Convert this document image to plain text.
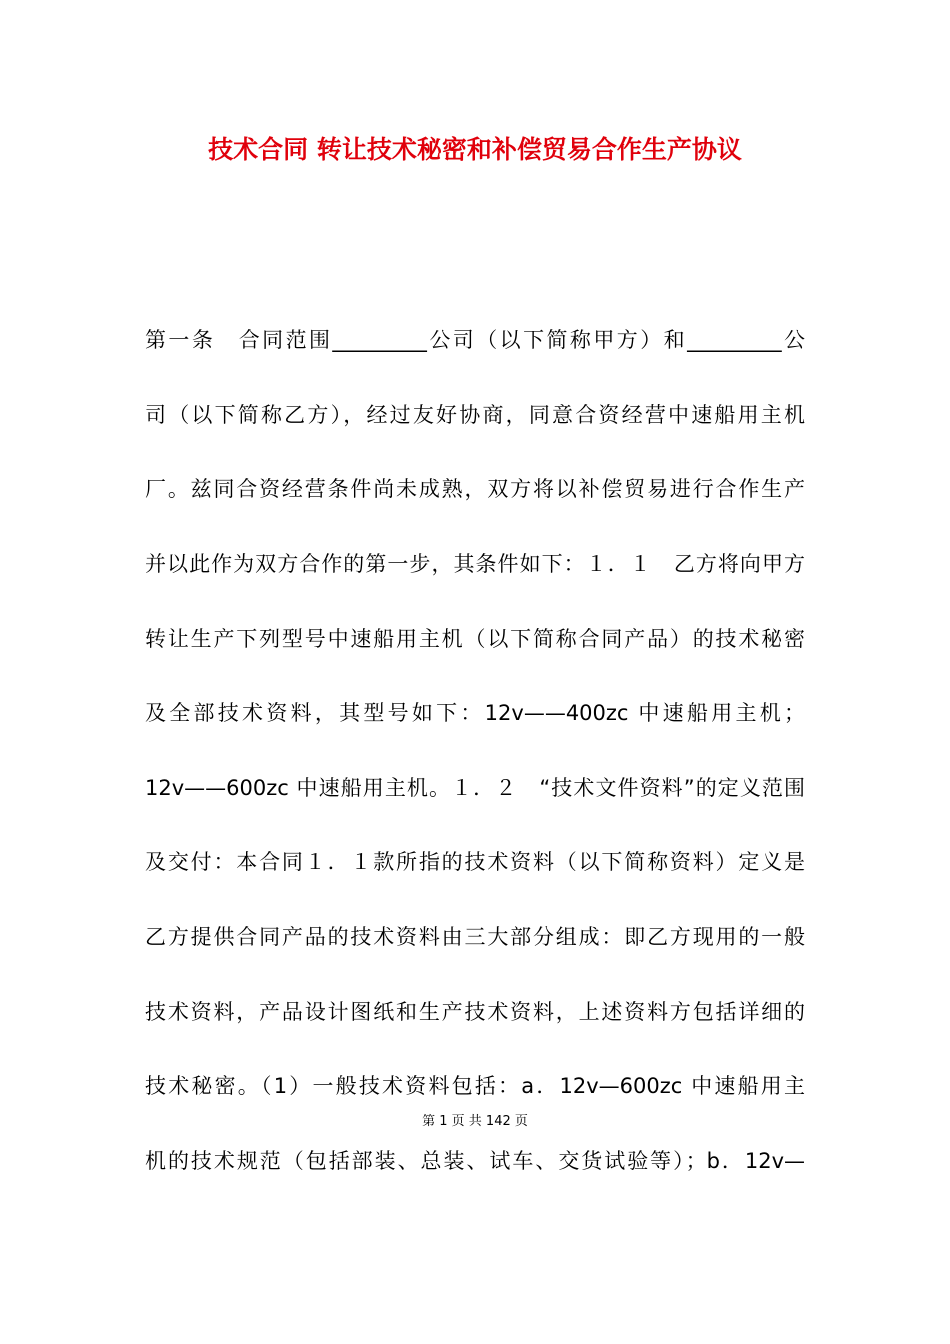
技术合同 转让技术秘密和补偿贸易合作生产协议
第一条　合同范围_________公司（以下简称甲方）和_________公
司（以下简称乙方），经过友好协商，同意合资经营中速船用主机
厂。兹同合资经营条件尚未成熟，双方将以补偿贸易进行合作生产
并以此作为双方合作的第一步，其条件如下：１．１　乙方将向甲方
转让生产下列型号中速船用主机（以下简称合同产品）的技术秘密
及全部技术资料，其型号如下：12v——400zc 中速船用主机；
12v——600zc 中速船用主机。１．２　“技术文件资料”的定义范围
及交付：本合同１．１款所指的技术资料（以下简称资料）定义是
乙方提供合同产品的技术资料由三大部分组成：即乙方现用的一般
技术资料，产品设计图纸和生产技术资料，上述资料方包括详细的
技术秘密。（1）一般技术资料包括：a．12v—600zc 中速船用主
第 1 页 共 142 页
机的技术规范（包括部装、总装、试车、交货试验等）；b．12v—
